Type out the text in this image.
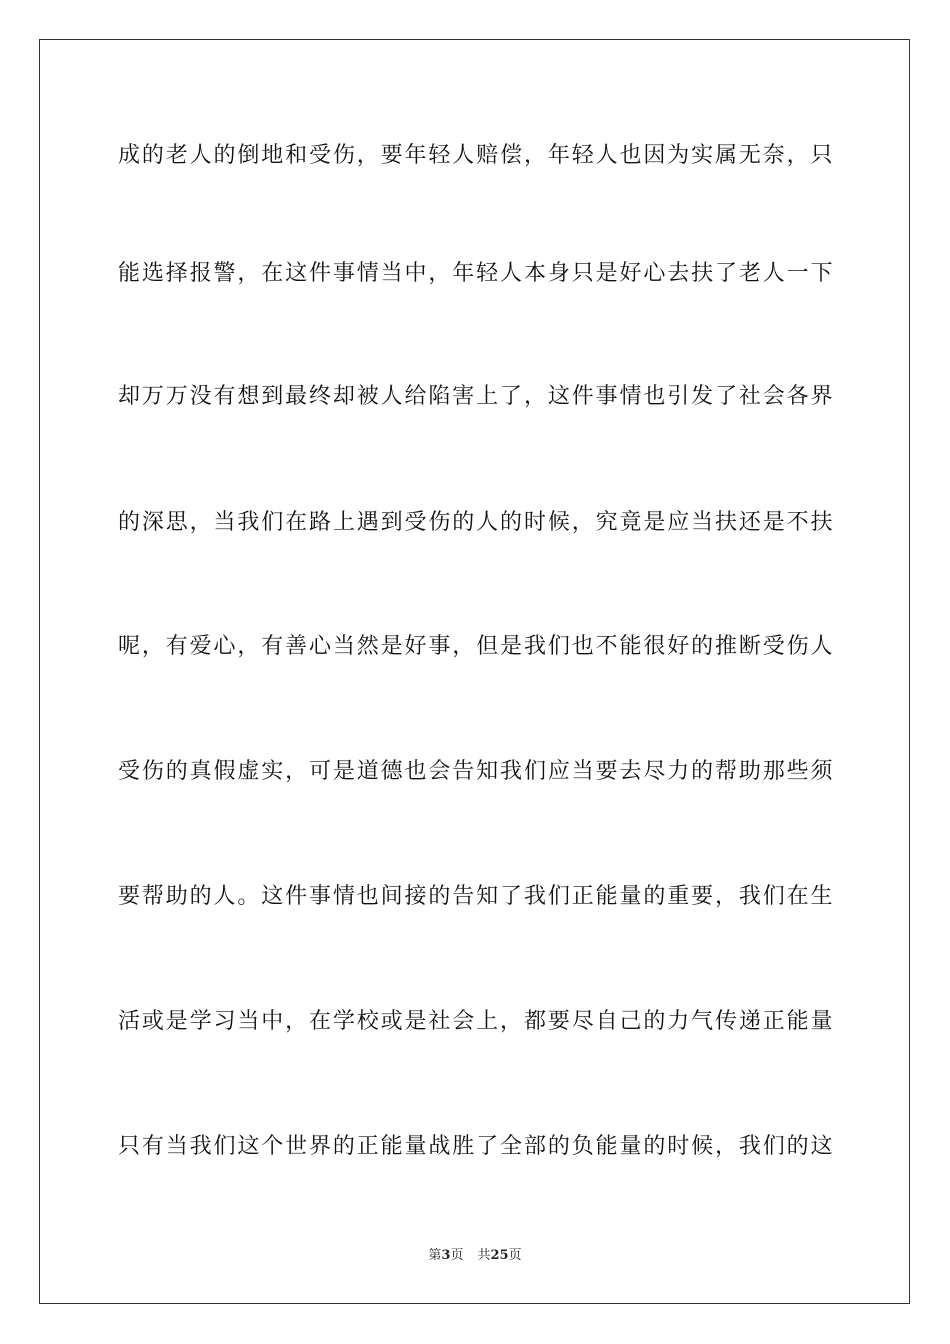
成的老人的倒地和受伤，要年轻人赔偿，年轻人也因为实属无奈，只
能选择报警，在这件事情当中，年轻人本身只是好心去扶了老人一下
却万万没有想到最终却被人给陷害上了，这件事情也引发了社会各界
的深思，当我们在路上遇到受伤的人的时候，究竟是应当扶还是不扶
呢，有爱心，有善心当然是好事，但是我们也不能很好的推断受伤人
受伤的真假虚实，可是道德也会告知我们应当要去尽力的帮助那些须
要帮助的人。这件事情也间接的告知了我们正能量的重要，我们在生
活或是学习当中，在学校或是社会上，都要尽自己的力气传递正能量
只有当我们这个世界的正能量战胜了全部的负能量的时候，我们的这
第3页 共25页
